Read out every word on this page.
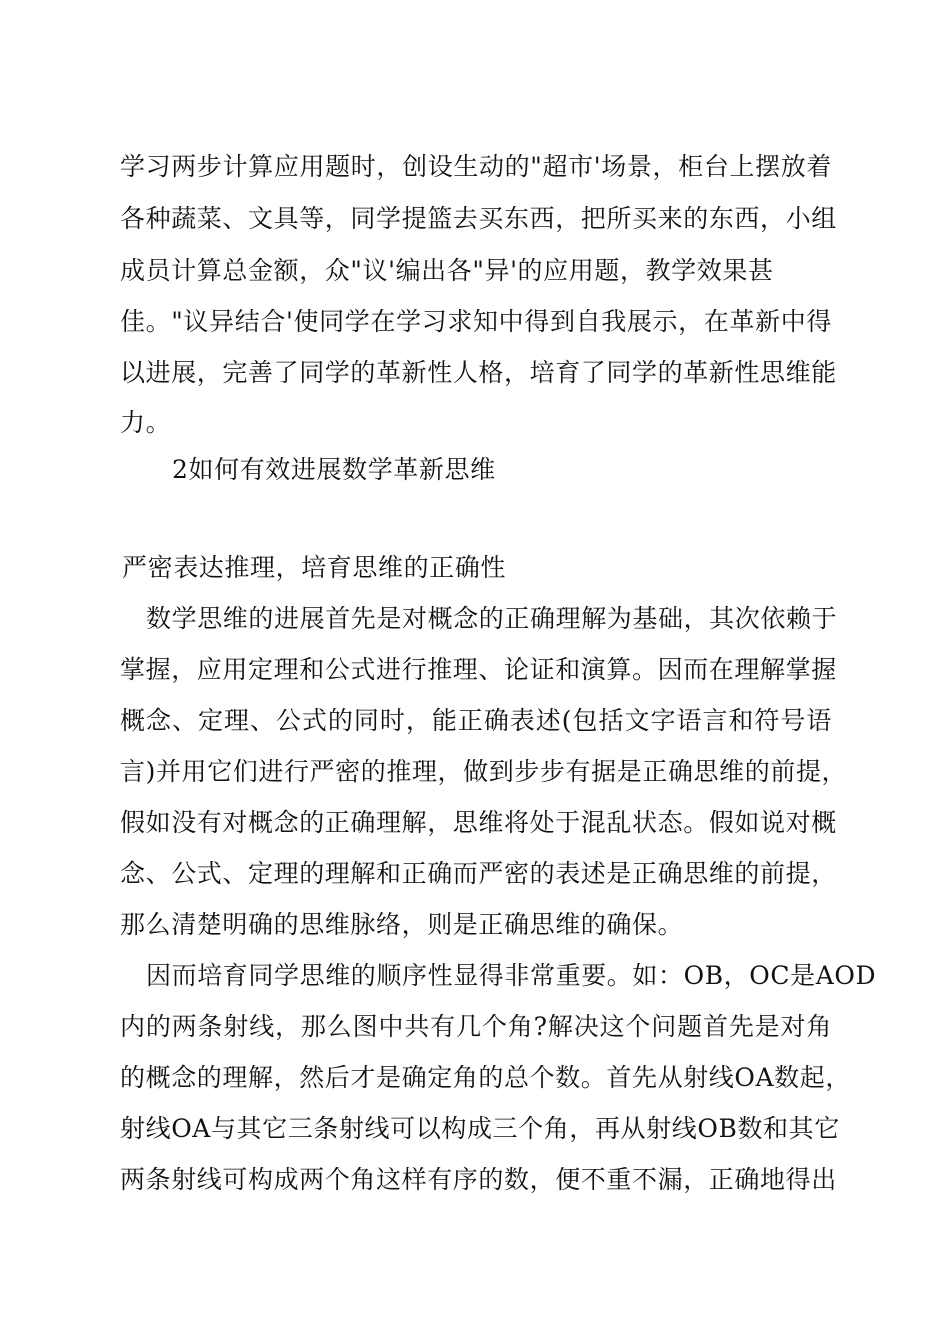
学习两步计算应用题时，创设生动的"超市'场景，柜台上摆放着
各种蔬菜、文具等，同学提篮去买东西，把所买来的东西，小组
成员计算总金额，众"议'编出各"异'的应用题，教学效果甚
佳。"议异结合'使同学在学习求知中得到自我展示，在革新中得
以进展，完善了同学的革新性人格，培育了同学的革新性思维能
力。
2如何有效进展数学革新思维
严密表达推理，培育思维的正确性
数学思维的进展首先是对概念的正确理解为基础，其次依赖于
掌握，应用定理和公式进行推理、论证和演算。因而在理解掌握
概念、定理、公式的同时，能正确表述(包括文字语言和符号语
言)并用它们进行严密的推理，做到步步有据是正确思维的前提，
假如没有对概念的正确理解，思维将处于混乱状态。假如说对概
念、公式、定理的理解和正确而严密的表述是正确思维的前提，
那么清楚明确的思维脉络，则是正确思维的确保。
因而培育同学思维的顺序性显得非常重要。如：OB，OC是AOD
内的两条射线，那么图中共有几个角?解决这个问题首先是对角
的概念的理解，然后才是确定角的总个数。首先从射线OA数起，
射线OA与其它三条射线可以构成三个角，再从射线OB数和其它
两条射线可构成两个角这样有序的数，便不重不漏，正确地得出
